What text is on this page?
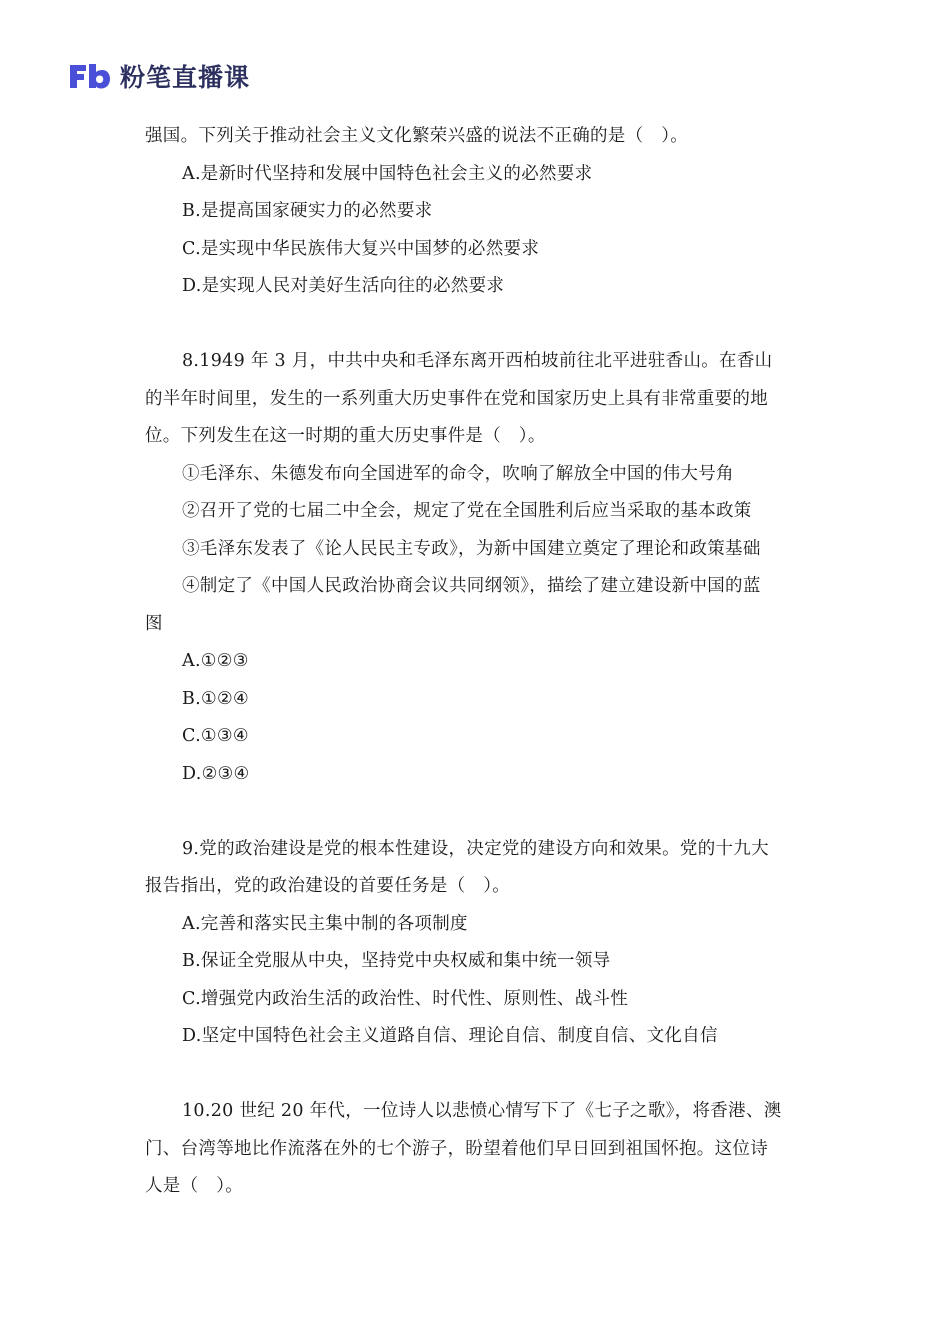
粉笔直播课
强国。下列关于推动社会主义文化繁荣兴盛的说法不正确的是（　）。
A.是新时代坚持和发展中国特色社会主义的必然要求
B.是提高国家硬实力的必然要求
C.是实现中华民族伟大复兴中国梦的必然要求
D.是实现人民对美好生活向往的必然要求
8.1949 年 3 月，中共中央和毛泽东离开西柏坡前往北平进驻香山。在香山
的半年时间里，发生的一系列重大历史事件在党和国家历史上具有非常重要的地
位。下列发生在这一时期的重大历史事件是（　）。
①毛泽东、朱德发布向全国进军的命令，吹响了解放全中国的伟大号角
②召开了党的七届二中全会，规定了党在全国胜利后应当采取的基本政策
③毛泽东发表了《论人民民主专政》，为新中国建立奠定了理论和政策基础
④制定了《中国人民政治协商会议共同纲领》，描绘了建立建设新中国的蓝
图
A.①②③
B.①②④
C.①③④
D.②③④
9.党的政治建设是党的根本性建设，决定党的建设方向和效果。党的十九大
报告指出，党的政治建设的首要任务是（　）。
A.完善和落实民主集中制的各项制度
B.保证全党服从中央，坚持党中央权威和集中统一领导
C.增强党内政治生活的政治性、时代性、原则性、战斗性
D.坚定中国特色社会主义道路自信、理论自信、制度自信、文化自信
10.20 世纪 20 年代，一位诗人以悲愤心情写下了《七子之歌》，将香港、澳
门、台湾等地比作流落在外的七个游子，盼望着他们早日回到祖国怀抱。这位诗
人是（　）。
